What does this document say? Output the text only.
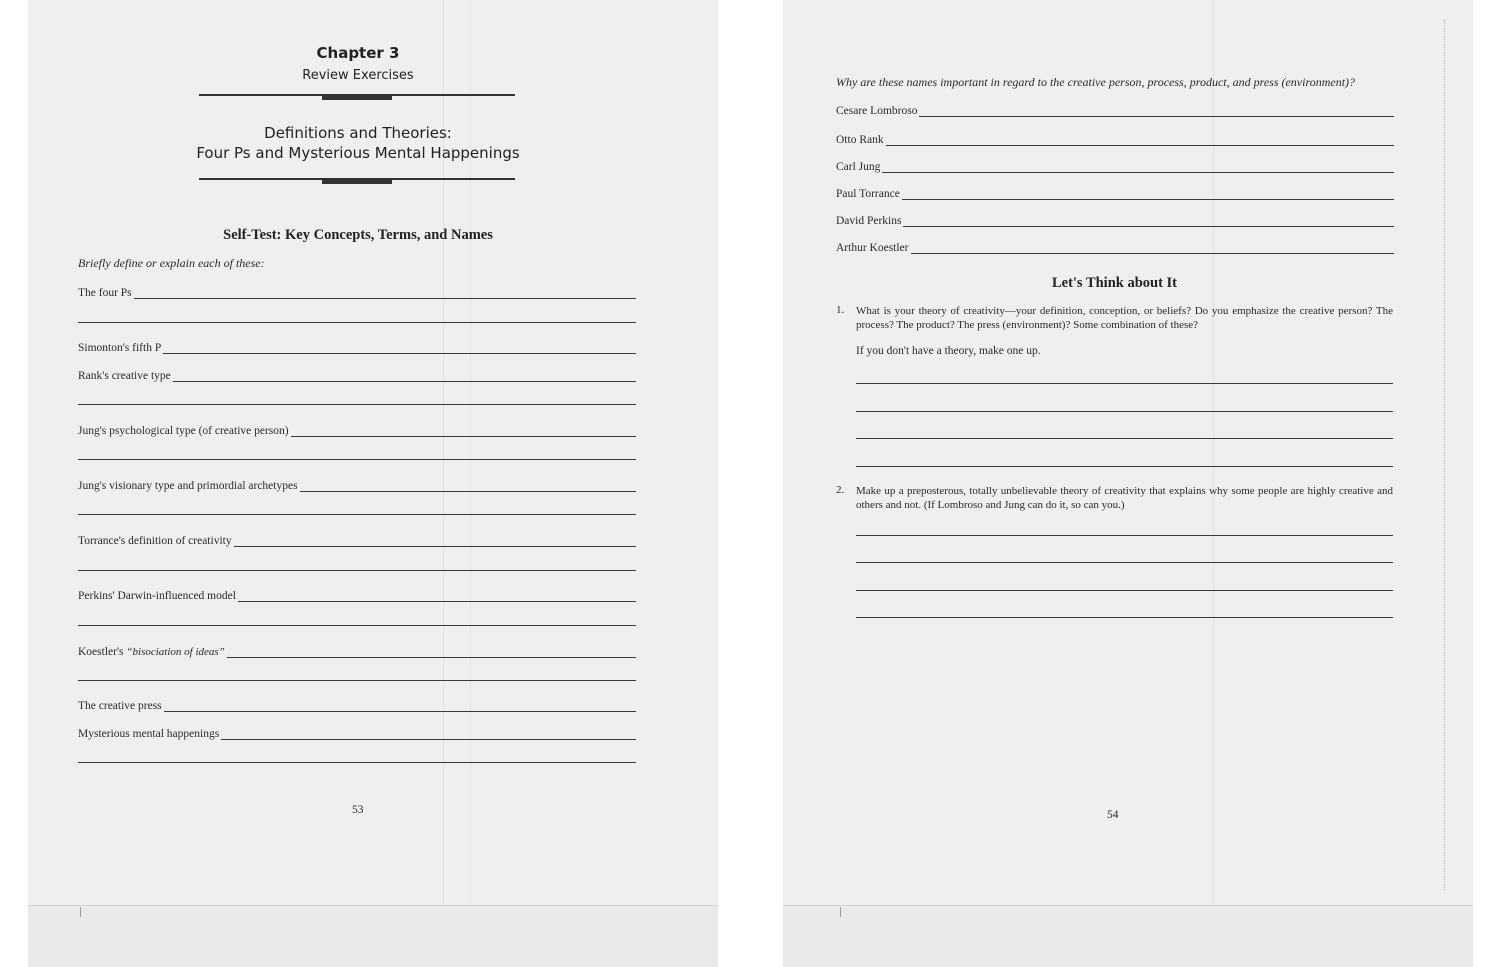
Chapter 3
Review Exercises
Definitions and Theories:
Four Ps and Mysterious Mental Happenings
Self-Test: Key Concepts, Terms, and Names
Briefly define or explain each of these:
The four Ps
Simonton's fifth P
Rank's creative type
Jung's psychological type (of creative person)
Jung's visionary type and primordial archetypes
Torrance's definition of creativity
Perkins' Darwin-influenced model
Koestler's “bisociation of ideas”
The creative press
Mysterious mental happenings
53
Why are these names important in regard to the creative person, process, product, and press (environment)?
Cesare Lombroso
Otto Rank
Carl Jung
Paul Torrance
David Perkins
Arthur Koestler
Let's Think about It
1. What is your theory of creativity—your definition, conception, or beliefs? Do you emphasize the creative person? The process? The product? The press (environment)? Some combination of these?
If you don't have a theory, make one up.
2. Make up a preposterous, totally unbelievable theory of creativity that explains why some people are highly creative and others and not. (If Lombroso and Jung can do it, so can you.)
54
